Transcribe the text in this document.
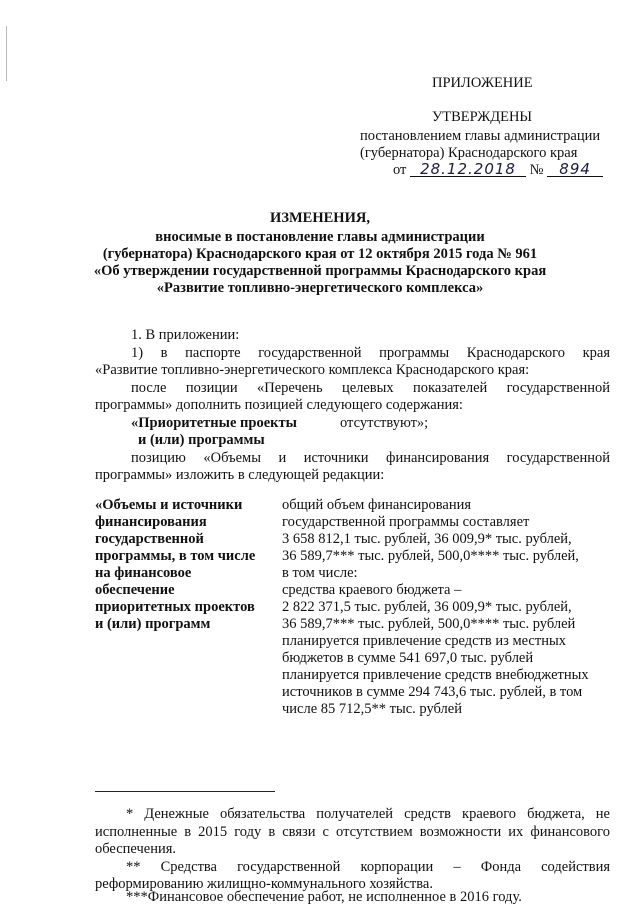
ПРИЛОЖЕНИЕ
УТВЕРЖДЕНЫ
постановлением главы администрации
(губернатора) Краснодарского края
от 28.12.2018 № 894
ИЗМЕНЕНИЯ,
вносимые в постановление главы администрации
(губернатора) Краснодарского края от 12 октября 2015 года № 961
«Об утверждении государственной программы Краснодарского края
«Развитие топливно-энергетического комплекса»
1. В приложении:
1) в паспорте государственной программы Краснодарского края
«Развитие топливно-энергетического комплекса Краснодарского края:
после позиции «Перечень целевых показателей государственной
программы» дополнить позицией следующего содержания:
«Приоритетные проекты	отсутствуют»;
и (или) программы
позицию «Объемы и источники финансирования государственной
программы» изложить в следующей редакции:
«Объемы и источники
финансирования
государственной
программы, в том числе
на финансовое
обеспечение
приоритетных проектов
и (или) программ
общий объем финансирования
государственной программы составляет
3 658 812,1 тыс. рублей, 36 009,9* тыс. рублей,
36 589,7*** тыс. рублей, 500,0**** тыс. рублей,
в том числе:
средства краевого бюджета –
2 822 371,5 тыс. рублей, 36 009,9* тыс. рублей,
36 589,7*** тыс. рублей, 500,0**** тыс. рублей
планируется привлечение средств из местных
бюджетов в сумме 541 697,0 тыс. рублей
планируется привлечение средств внебюджетных
источников в сумме 294 743,6 тыс. рублей, в том
числе 85 712,5** тыс. рублей
* Денежные обязательства получателей средств краевого бюджета, не
исполненные в 2015 году в связи с отсутствием возможности их финансового
обеспечения.
** Средства государственной корпорации – Фонда содействия
реформированию жилищно-коммунального хозяйства.
***Финансовое обеспечение работ, не исполненное в 2016 году.
